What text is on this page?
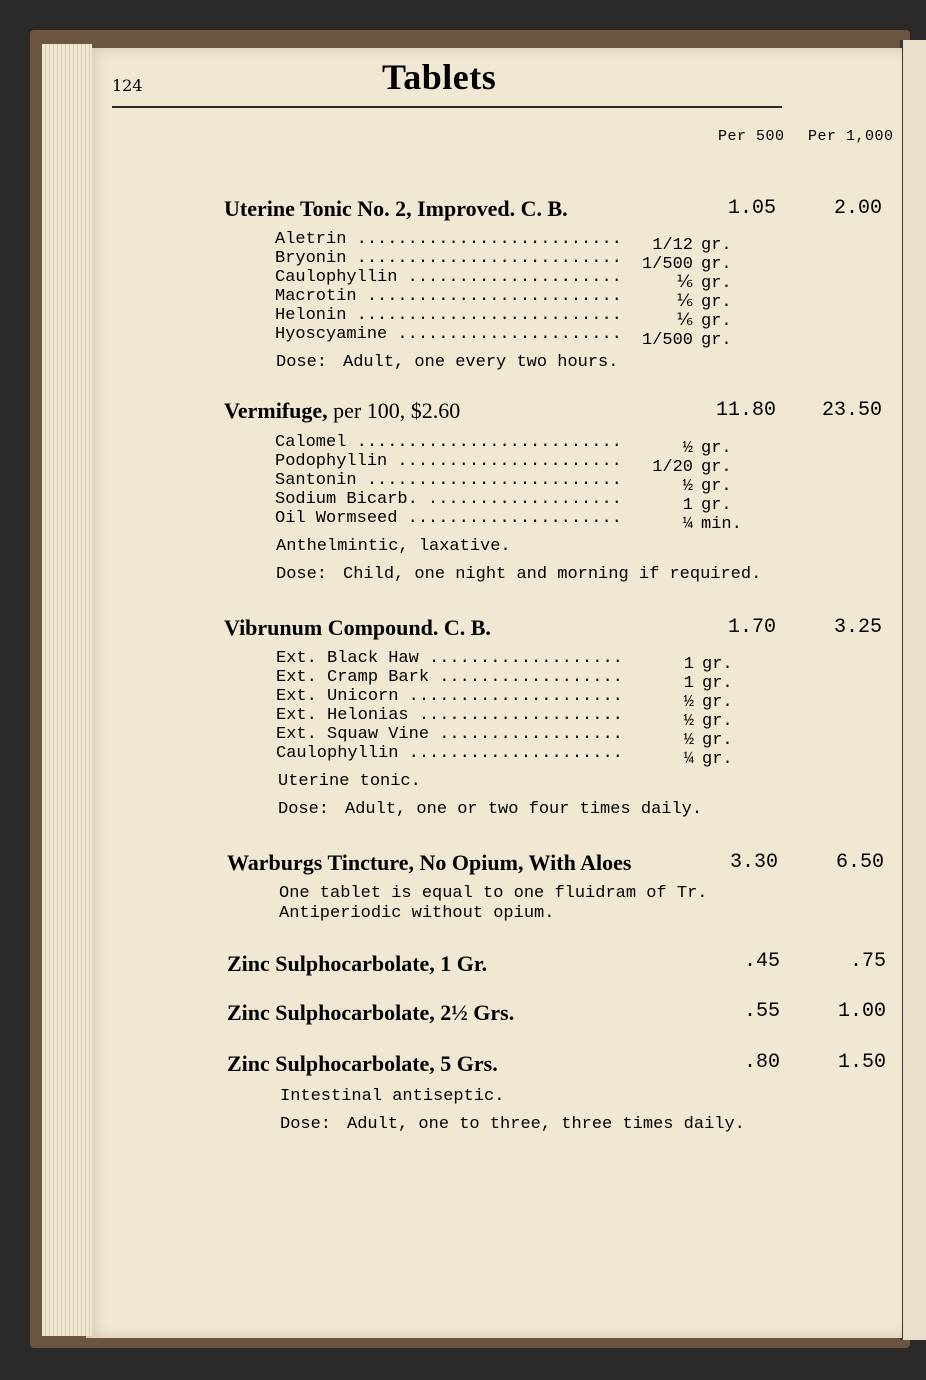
124	Tablets
Per 500 Per 1,000
Uterine Tonic No. 2, Improved. C. B.	1.05	2.00
Aletrin .....	1/12 gr.
Bryonin .....	1/500 gr.
Caulophyllin .....	⅙ gr.
Macrotin .....	⅙ gr.
Helonin .....	⅙ gr.
Hyoscyamine .....	1/500 gr.
Dose: Adult, one every two hours.
Vermifuge, per 100, $2.60	11.80	23.50
Calomel .....	½ gr.
Podophyllin .....	1/20 gr.
Santonin .....	½ gr.
Sodium Bicarb. .....	1 gr.
Oil Wormseed .....	¼ min.
Anthelmintic, laxative.
Dose: Child, one night and morning if required.
Vibrunum Compound. C. B.	1.70	3.25
Ext. Black Haw .....	1 gr.
Ext. Cramp Bark .....	1 gr.
Ext. Unicorn .....	½ gr.
Ext. Helonias .....	½ gr.
Ext. Squaw Vine .....	½ gr.
Caulophyllin .....	¼ gr.
Uterine tonic.
Dose: Adult, one or two four times daily.
Warburgs Tincture, No Opium, With Aloes	3.30	6.50
One tablet is equal to one fluidram of Tr.
Antiperiodic without opium.
Zinc Sulphocarbolate, 1 Gr.	.45	.75
Zinc Sulphocarbolate, 2½ Grs.	.55	1.00
Zinc Sulphocarbolate, 5 Grs.	.80	1.50
Intestinal antiseptic.
Dose: Adult, one to three, three times daily.
